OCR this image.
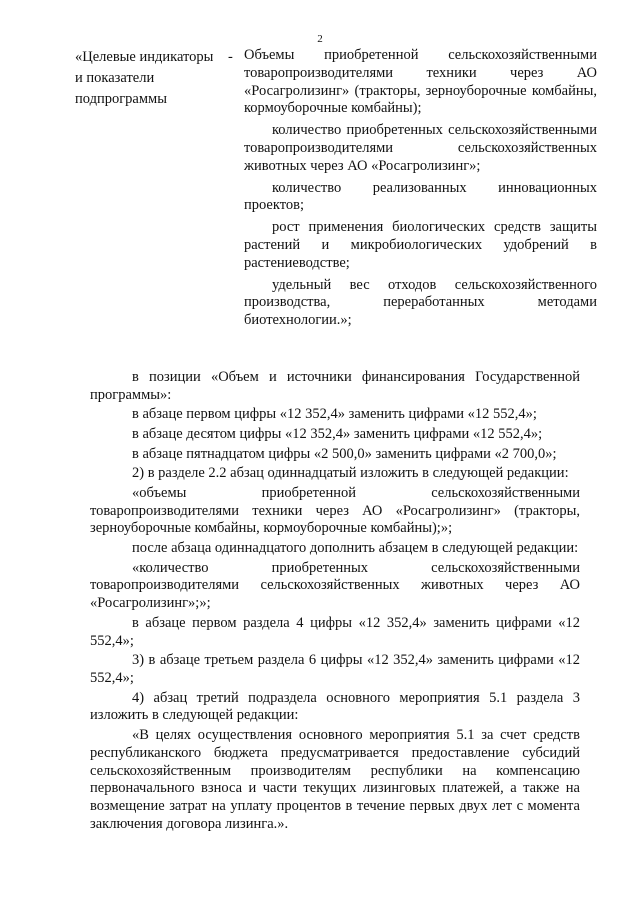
2
«Целевые индикаторы и показатели подпрограммы
- Объемы приобретенной сельскохозяйственными товаропроизводителями техники через АО «Росагролизинг» (тракторы, зерноуборочные комбайны, кормоуборочные комбайны);
количество приобретенных сельскохозяйственными товаропроизводителями сельскохозяйственных животных через АО «Росагролизинг»;
количество реализованных инновационных проектов;
рост применения биологических средств защиты растений и микробиологических удобрений в растениеводстве;
удельный вес отходов сельскохозяйственного производства, переработанных методами биотехнологии.»;
в позиции «Объем и источники финансирования Государственной программы»:
в абзаце первом цифры «12 352,4» заменить цифрами «12 552,4»;
в абзаце десятом цифры «12 352,4» заменить цифрами «12 552,4»;
в абзаце пятнадцатом цифры «2 500,0» заменить цифрами «2 700,0»;
2) в разделе 2.2 абзац одиннадцатый изложить в следующей редакции:
«объемы приобретенной сельскохозяйственными товаропроизводителями техники через АО «Росагролизинг» (тракторы, зерноуборочные комбайны, кормоуборочные комбайны);»;
после абзаца одиннадцатого дополнить абзацем в следующей редакции:
«количество приобретенных сельскохозяйственными товаропроизводителями сельскохозяйственных животных через АО «Росагролизинг»;»;
в абзаце первом раздела 4 цифры «12 352,4» заменить цифрами «12 552,4»;
3) в абзаце третьем раздела 6 цифры «12 352,4» заменить цифрами «12 552,4»;
4) абзац третий подраздела основного мероприятия 5.1 раздела 3 изложить в следующей редакции:
«В целях осуществления основного мероприятия 5.1 за счет средств республиканского бюджета предусматривается предоставление субсидий сельскохозяйственным производителям республики на компенсацию первоначального взноса и части текущих лизинговых платежей, а также на возмещение затрат на уплату процентов в течение первых двух лет с момента заключения договора лизинга.».
